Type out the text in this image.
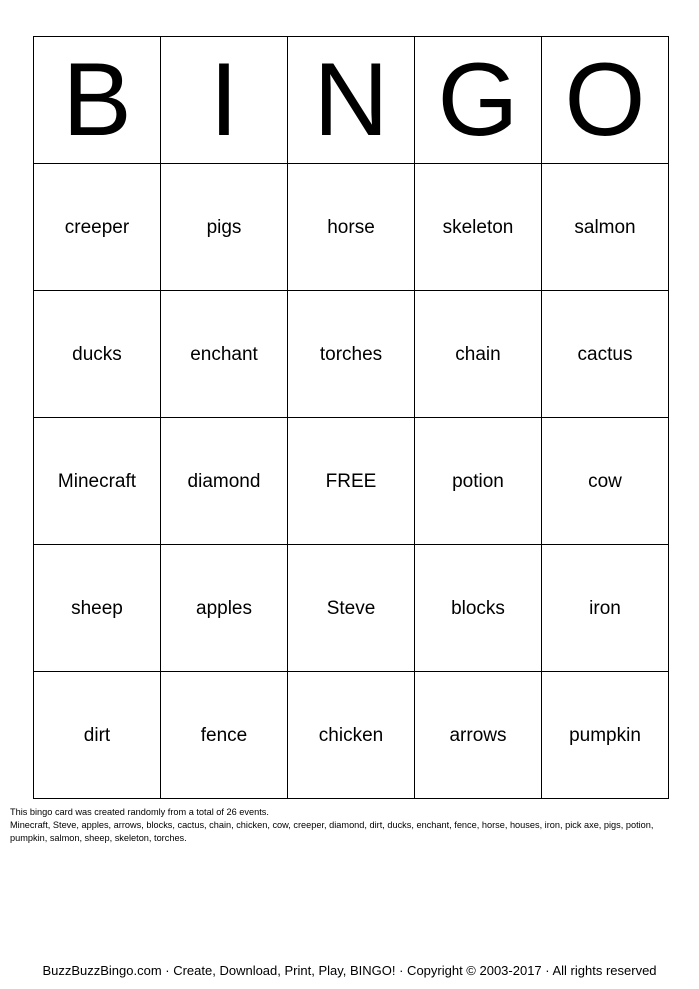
B	I	N	G	O
creeper	pigs	horse	skeleton	salmon
ducks	enchant	torches	chain	cactus
Minecraft	diamond	FREE	potion	cow
sheep	apples	Steve	blocks	iron
dirt	fence	chicken	arrows	pumpkin
This bingo card was created randomly from a total of 26 events.
Minecraft, Steve, apples, arrows, blocks, cactus, chain, chicken, cow, creeper, diamond, dirt, ducks, enchant, fence, horse, houses, iron, pick axe, pigs, potion, pumpkin, salmon, sheep, skeleton, torches.
BuzzBuzzBingo.com · Create, Download, Print, Play, BINGO! · Copyright © 2003-2017 · All rights reserved
